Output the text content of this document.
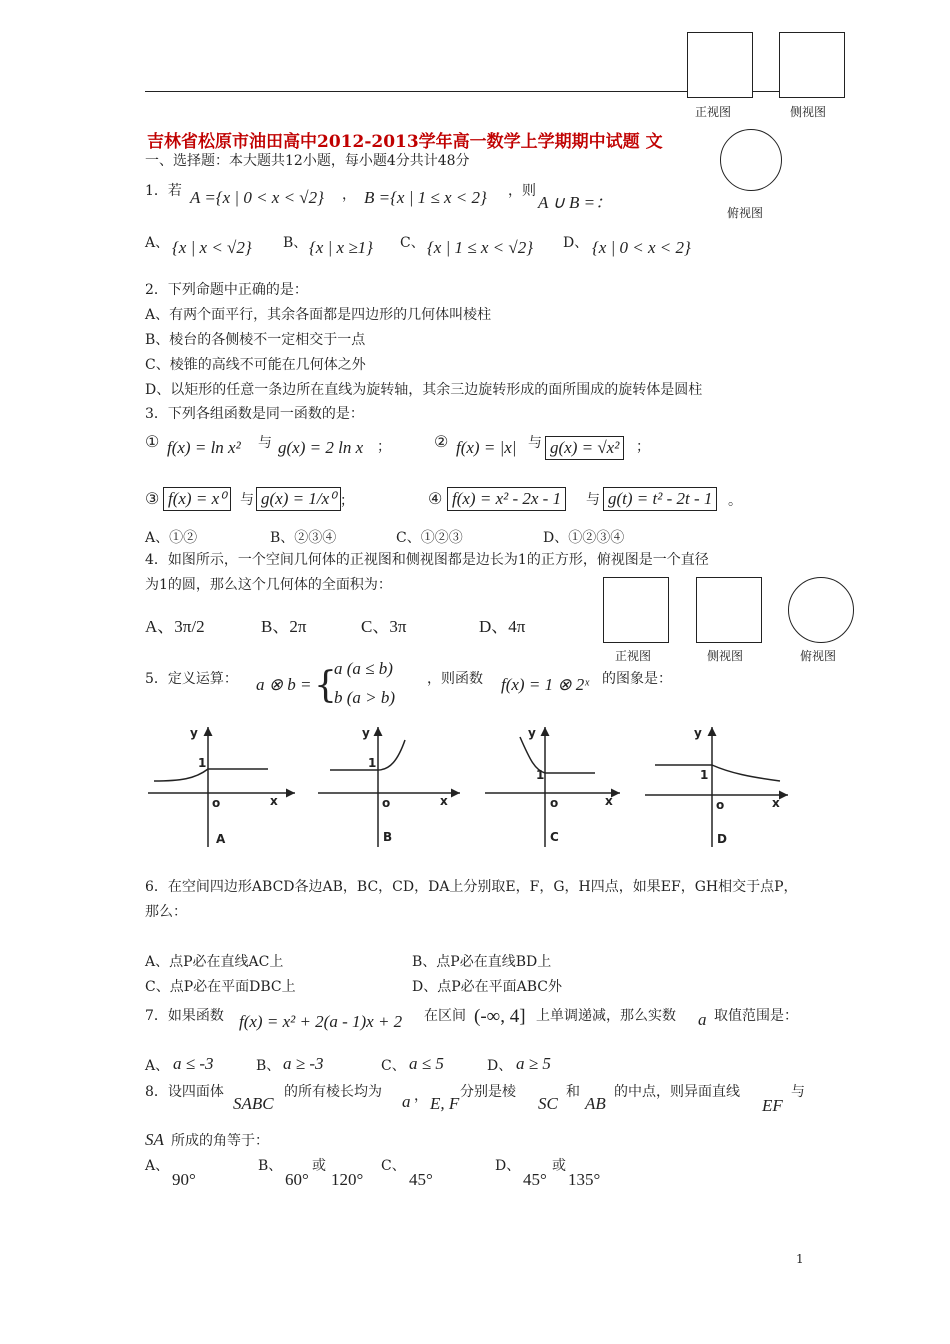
正视图	侧视图
俯视图
吉林省松原市油田高中2012-2013学年高一数学上学期期中试题 文
一、选择题：本大题共12小题，每小题4分共计48分
1．若 A ={x | 0 < x < √2} ， B ={x | 1 ≤ x < 2} ，则
A ∪ B =：
A、 {x | x < √2} B、 {x | x ≥1} C、 {x | 1 ≤ x < √2} D、 {x | 0 < x < 2}
2．下列命题中正确的是：
A、有两个面平行，其余各面都是四边形的几何体叫棱柱
B、棱台的各侧棱不一定相交于一点
C、棱锥的高线不可能在几何体之外
D、以矩形的任意一条边所在直线为旋转轴，其余三边旋转形成的面所围成的旋转体是圆柱
3．下列各组函数是同一函数的是：
① f(x) = ln x² 与 g(x) = 2 ln x ；	② f(x) = |x| 与 g(x) = √x²	；
③ f(x) = x⁰	与 g(x) = 1/x⁰ ；	④ f(x) = x² - 2x - 1	与 g(t) = t² - 2t - 1	。
A、①②	B、②③④	C、①②③	D、①②③④
4．如图所示，一个空间几何体的正视图和侧视图都是边长为1的正方形，俯视图是一个直径
为1的圆，那么这个几何体的全面积为：
正视图	侧视图	俯视图
A、3π/2	B、2π	C、3π	D、4π
5．定义运算： a ⊗ b = {
a (a ≤ b)
b (a > b)
，则函数 f(x) = 1 ⊗ 2ˣ 的图象是：
y
1
o	x
A
y
1
o	x
B
y
1
o	x
C
y
1
o	x
D
6．在空间四边形ABCD各边AB，BC，CD，DA上分别取E，F，G，H四点，如果EF，GH相交于点P，
那么：
A、点P必在直线AC上	B、点P必在直线BD上
C、点P必在平面DBC上	D、点P必在平面ABC外
7．如果函数 f(x) = x² + 2(a - 1)x + 2 在区间 (-∞, 4] 上单调递减，那么实数 a 取值范围是：
A、 a ≤ -3	B、 a ≥ -3	C、 a ≤ 5	D、 a ≥ 5
8．设四面体
SABC
的所有棱长均为 a ， E, F
分别是棱
SC
和
AB
的中点，则异面直线
EF
与
SA 所成的角等于：
A、
90°
B、
60°
或
120°
C、
45°
D、
45°
或
135°
1
